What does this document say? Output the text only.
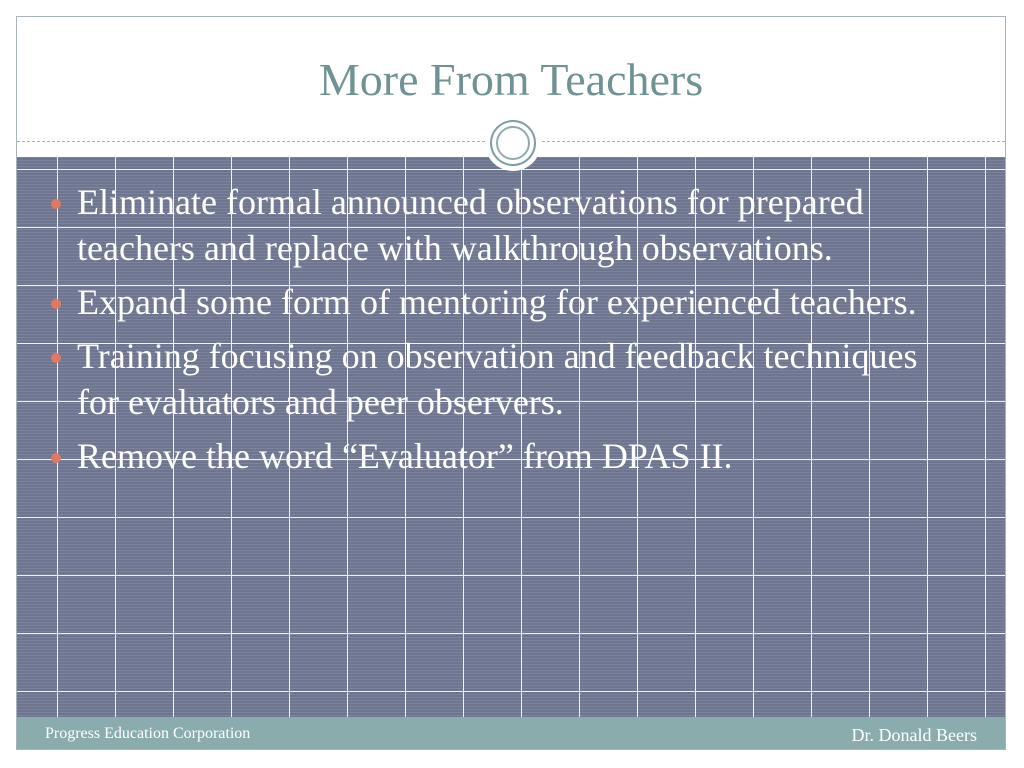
More From Teachers
Eliminate formal announced observations for prepared teachers and replace with walkthrough observations.
Expand some form of mentoring for experienced teachers.
Training focusing on observation and feedback techniques for evaluators and peer observers.
Remove the word “Evaluator” from DPAS II.
Progress Education Corporation	Dr. Donald Beers
